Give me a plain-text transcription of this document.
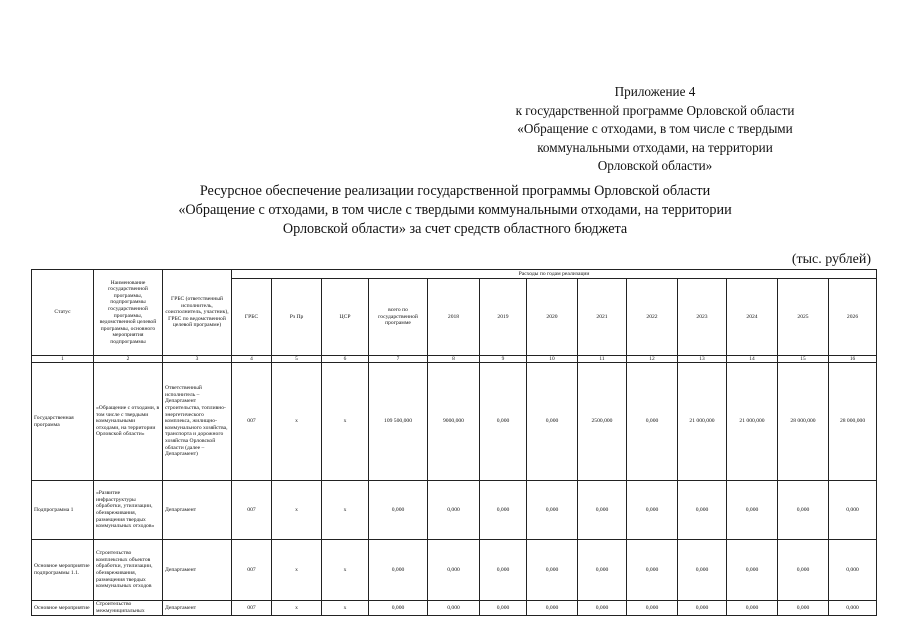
Приложение 4
к государственной программе Орловской области
«Обращение с отходами, в том числе с твердыми
коммунальными отходами, на территории
Орловской области»
Ресурсное обеспечение реализации государственной программы Орловской области
«Обращение с отходами, в том числе с твердыми коммунальными отходами, на территории
Орловской области» за счет средств областного бюджета
(тыс. рублей)
Статус	Наименование государственной программы, подпрограммы государственной программы, ведомственной целевой программы, основного мероприятия подпрограммы	ГРБС (ответственный исполнитель, соисполнитель, участник), ГРБС по ведомственной целевой программе)	Расходы по годам реализации												
			ГРБС	Рз Пр	ЦСР	всего по государственной программе	2018	2019	2020	2021	2022	2023	2024	2025	2026
1	2	3	4	5	6	7	8	9	10	11	12	13	14	15	16
Государственная программа	«Обращение с отходами, в том числе с твердыми коммунальными отходами, на территории Орловской области»	Ответственный исполнитель – Департамент строительства, топливно-энергетического комплекса, жилищно-коммунального хозяйства, транспорта и дорожного хозяйства Орловской области (далее – Департамент)	007	х	х	109 500,000	9000,000	0,000	0,000	2500,000	0,000	21 000,000	21 000,000	28 000,000	28 000,000
Подпрограмма 1	«Развитие инфраструктуры обработки, утилизации, обезвреживания, размещения твердых коммунальных отходов»	Департамент	007	х	х	0,000	0,000	0,000	0,000	0,000	0,000	0,000	0,000	0,000	0,000
Основное мероприятие подпрограммы 1.1.	Строительство комплексных объектов обработки, утилизации, обезвреживания, размещения твердых коммунальных отходов	Департамент	007	х	х	0,000	0,000	0,000	0,000	0,000	0,000	0,000	0,000	0,000	0,000
Основное мероприятие	Строительство межмуниципальных	Департамент	007	х	х	0,000	0,000	0,000	0,000	0,000	0,000	0,000	0,000	0,000	0,000
